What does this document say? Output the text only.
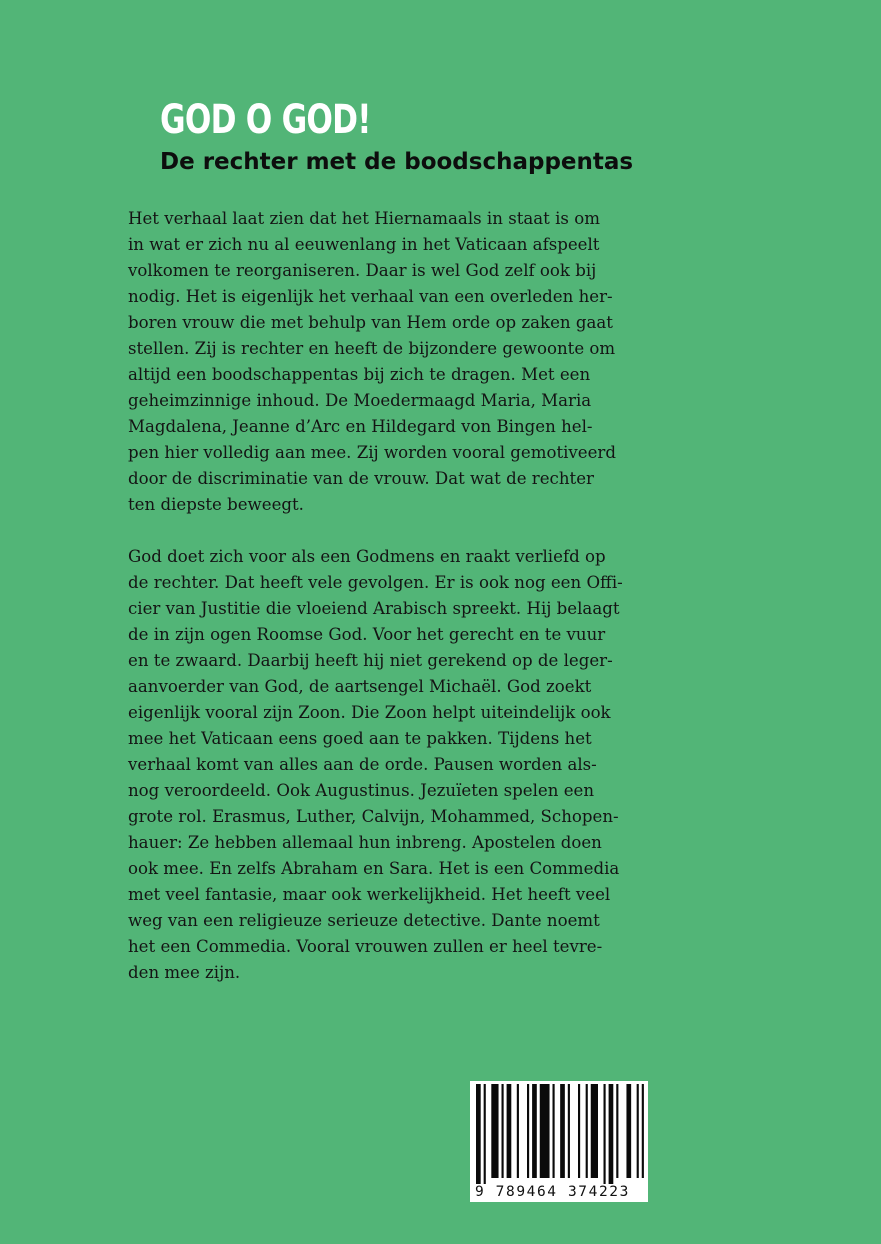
GOD O GOD!
De rechter met de boodschappentas

Het verhaal laat zien dat het Hiernamaals in staat is om
in wat er zich nu al eeuwenlang in het Vaticaan afspeelt
volkomen te reorganiseren. Daar is wel God zelf ook bij
nodig. Het is eigenlijk het verhaal van een overleden her-
boren vrouw die met behulp van Hem orde op zaken gaat
stellen. Zij is rechter en heeft de bijzondere gewoonte om
altijd een boodschappentas bij zich te dragen. Met een
geheimzinnige inhoud. De Moedermaagd Maria, Maria
Magdalena, Jeanne d’Arc en Hildegard von Bingen hel-
pen hier volledig aan mee. Zij worden vooral gemotiveerd
door de discriminatie van de vrouw. Dat wat de rechter
ten diepste beweegt.

God doet zich voor als een Godmens en raakt verliefd op
de rechter. Dat heeft vele gevolgen. Er is ook nog een Offi-
cier van Justitie die vloeiend Arabisch spreekt. Hij belaagt
de in zijn ogen Roomse God. Voor het gerecht en te vuur
en te zwaard. Daarbij heeft hij niet gerekend op de leger-
aanvoerder van God, de aartsengel Michaël. God zoekt
eigenlijk vooral zijn Zoon. Die Zoon helpt uiteindelijk ook
mee het Vaticaan eens goed aan te pakken. Tijdens het
verhaal komt van alles aan de orde. Pausen worden als-
nog veroordeeld. Ook Augustinus. Jezuïeten spelen een
grote rol. Erasmus, Luther, Calvijn, Mohammed, Schopen-
hauer: Ze hebben allemaal hun inbreng. Apostelen doen
ook mee. En zelfs Abraham en Sara. Het is een Commedia
met veel fantasie, maar ook werkelijkheid. Het heeft veel
weg van een religieuze serieuze detective. Dante noemt
het een Commedia. Vooral vrouwen zullen er heel tevre-
den mee zijn.

9 789464 374223
